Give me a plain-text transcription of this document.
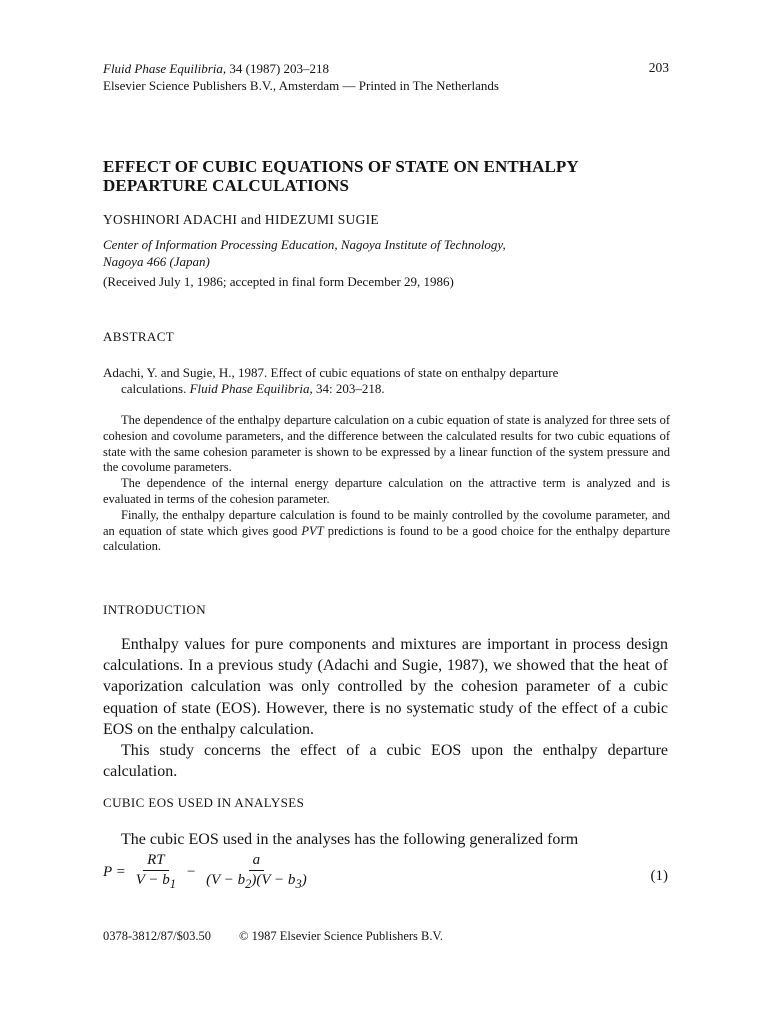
Fluid Phase Equilibria, 34 (1987) 203–218
Elsevier Science Publishers B.V., Amsterdam — Printed in The Netherlands
203
EFFECT OF CUBIC EQUATIONS OF STATE ON ENTHALPY DEPARTURE CALCULATIONS
YOSHINORI ADACHI and HIDEZUMI SUGIE
Center of Information Processing Education, Nagoya Institute of Technology,
Nagoya 466 (Japan)
(Received July 1, 1986; accepted in final form December 29, 1986)
ABSTRACT
Adachi, Y. and Sugie, H., 1987. Effect of cubic equations of state on enthalpy departure
calculations. Fluid Phase Equilibria, 34: 203–218.

The dependence of the enthalpy departure calculation on a cubic equation of state is analyzed for three sets of cohesion and covolume parameters, and the difference between the calculated results for two cubic equations of state with the same cohesion parameter is shown to be expressed by a linear function of the system pressure and the covolume parameters.

The dependence of the internal energy departure calculation on the attractive term is analyzed and is evaluated in terms of the cohesion parameter.

Finally, the enthalpy departure calculation is found to be mainly controlled by the covolume parameter, and an equation of state which gives good PVT predictions is found to be a good choice for the enthalpy departure calculation.

INTRODUCTION

Enthalpy values for pure components and mixtures are important in process design calculations. In a previous study (Adachi and Sugie, 1987), we showed that the heat of vaporization calculation was only controlled by the cohesion parameter of a cubic equation of state (EOS). However, there is no systematic study of the effect of a cubic EOS on the enthalpy calculation.

This study concerns the effect of a cubic EOS upon the enthalpy departure calculation.

CUBIC EOS USED IN ANALYSES
The cubic EOS used in the analyses has the following generalized form
$P = \frac{RT}{V - b_1} - \frac{a}{(V - b_2)(V - b_3)}$	(1)
0378-3812/87/$03.50 © 1987 Elsevier Science Publishers B.V.
